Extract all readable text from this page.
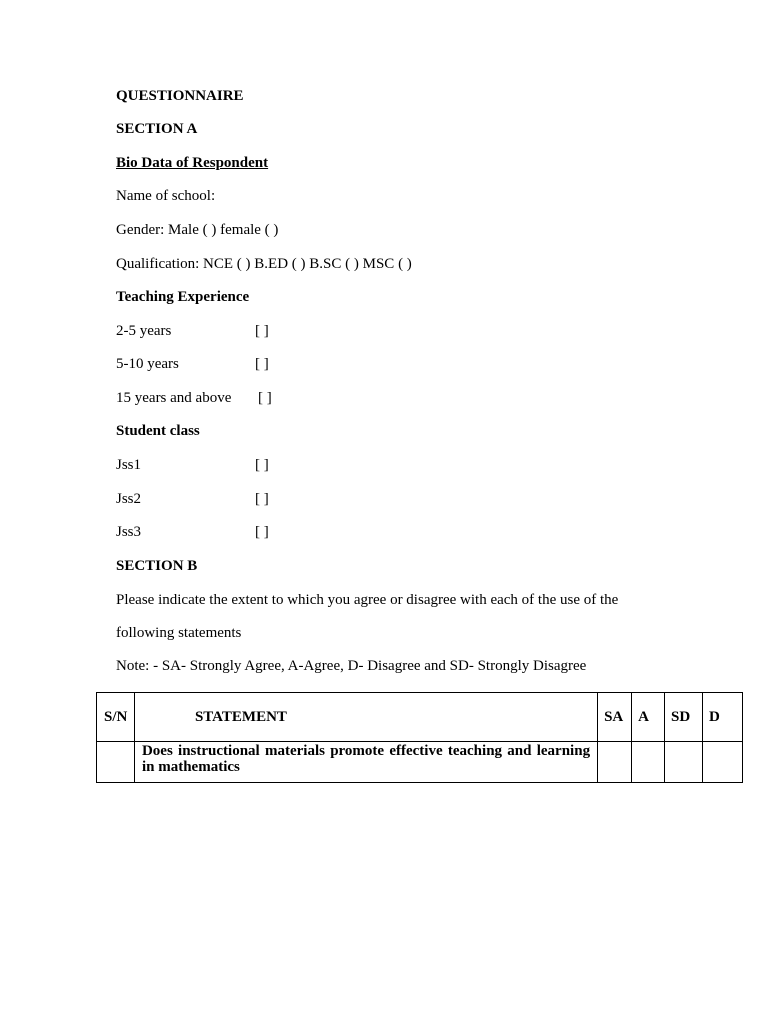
QUESTIONNAIRE
SECTION A
Bio Data of Respondent
Name of school:
Gender: Male ( ) female ( )
Qualification: NCE ( ) B.ED ( ) B.SC ( ) MSC ( )
Teaching Experience
2-5 years	[ ]
5-10 years	[ ]
15 years and above [ ]
Student class
Jss1	[ ]
Jss2	[ ]
Jss3	[ ]
SECTION B
Please indicate the extent to which you agree or disagree with each of the use of the
following statements
Note: - SA- Strongly Agree, A-Agree, D- Disagree and SD- Strongly Disagree
S/N	STATEMENT	SA	A	SD	D

	Does instructional materials promote effective teaching and learning in mathematics				
